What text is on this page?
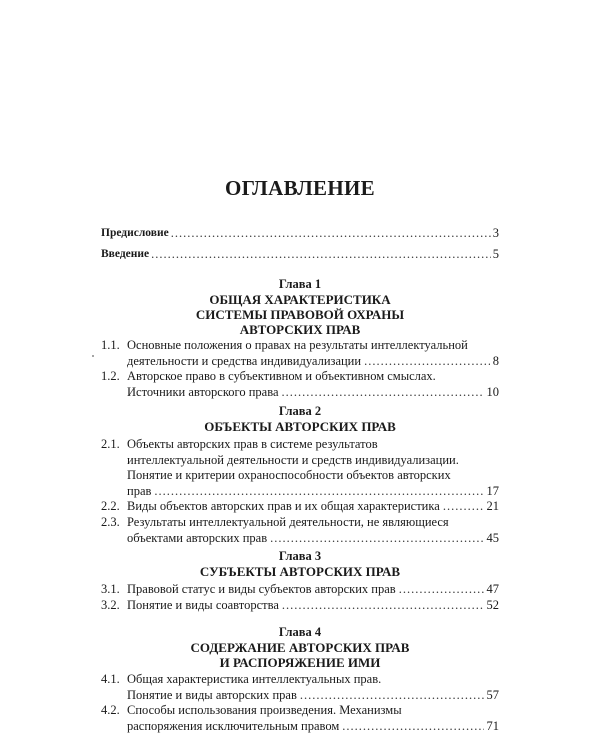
ОГЛАВЛЕНИЕ
Предисловие .....	3
Введение .....	5
Глава 1
ОБЩАЯ ХАРАКТЕРИСТИКА
СИСТЕМЫ ПРАВОВОЙ ОХРАНЫ
АВТОРСКИХ ПРАВ
1.1. Основные положения о правах на результаты интеллектуальной
деятельности и средства индивидуализации .....	8
1.2. Авторское право в субъективном и объективном смыслах.
Источники авторского права .....	10
Глава 2
ОБЪЕКТЫ АВТОРСКИХ ПРАВ
2.1. Объекты авторских прав в системе результатов
интеллектуальной деятельности и средств индивидуализации.
Понятие и критерии охраноспособности объектов авторских
прав .....	17
2.2. Виды объектов авторских прав и их общая характеристика .....	21
2.3. Результаты интеллектуальной деятельности, не являющиеся
объектами авторских прав .....	45
Глава 3
СУБЪЕКТЫ АВТОРСКИХ ПРАВ
3.1. Правовой статус и виды субъектов авторских прав .....	47
3.2. Понятие и виды соавторства .....	52
Глава 4
СОДЕРЖАНИЕ АВТОРСКИХ ПРАВ
И РАСПОРЯЖЕНИЕ ИМИ
4.1. Общая характеристика интеллектуальных прав.
Понятие и виды авторских прав .....	57
4.2. Способы использования произведения. Механизмы
распоряжения исключительным правом .....	71
